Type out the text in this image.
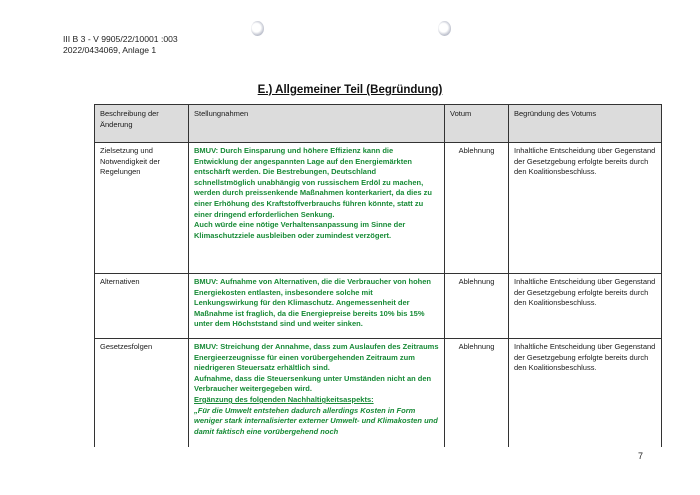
III B 3 - V 9905/22/10001 :003
2022/0434069, Anlage 1
E.) Allgemeiner Teil (Begründung)
Beschreibung der Änderung	Stellungnahmen	Votum	Begründung des Votums
Zielsetzung und Notwendigkeit der Regelungen	BMUV: Durch Einsparung und höhere Effizienz kann die Entwicklung der angespannten Lage auf den Energiemärkten entschärft werden. Die Bestrebungen, Deutschland schnellstmöglich unabhängig von russischem Erdöl zu machen, werden durch preissenkende Maßnahmen konterkariert, da dies zu einer Erhöhung des Kraftstoffverbrauchs führen könnte, statt zu einer dringend erforderlichen Senkung.
Auch würde eine nötige Verhaltensanpassung im Sinne der Klimaschutzziele ausbleiben oder zumindest verzögert.	Ablehnung	Inhaltliche Entscheidung über Gegenstand der Gesetzgebung erfolgte bereits durch den Koalitionsbeschluss.
Alternativen	BMUV: Aufnahme von Alternativen, die die Verbraucher von hohen Energiekosten entlasten, insbesondere solche mit Lenkungswirkung für den Klimaschutz. Angemessenheit der Maßnahme ist fraglich, da die Energiepreise bereits 10% bis 15% unter dem Höchststand sind und weiter sinken.	Ablehnung	Inhaltliche Entscheidung über Gegenstand der Gesetzgebung erfolgte bereits durch den Koalitionsbeschluss.
Gesetzesfolgen	BMUV: Streichung der Annahme, dass zum Auslaufen des Zeitraums Energieerzeugnisse für einen vorübergehenden Zeitraum zum niedrigeren Steuersatz erhältlich sind.
Aufnahme, dass die Steuersenkung unter Umständen nicht an den Verbraucher weitergegeben wird.
Ergänzung des folgenden Nachhaltigkeitsaspekts:
„Für die Umwelt entstehen dadurch allerdings Kosten in Form weniger stark internalisierter externer Umwelt- und Klimakosten und damit faktisch eine vorübergehend noch	Ablehnung	Inhaltliche Entscheidung über Gegenstand der Gesetzgebung erfolgte bereits durch den Koalitionsbeschluss.
7
